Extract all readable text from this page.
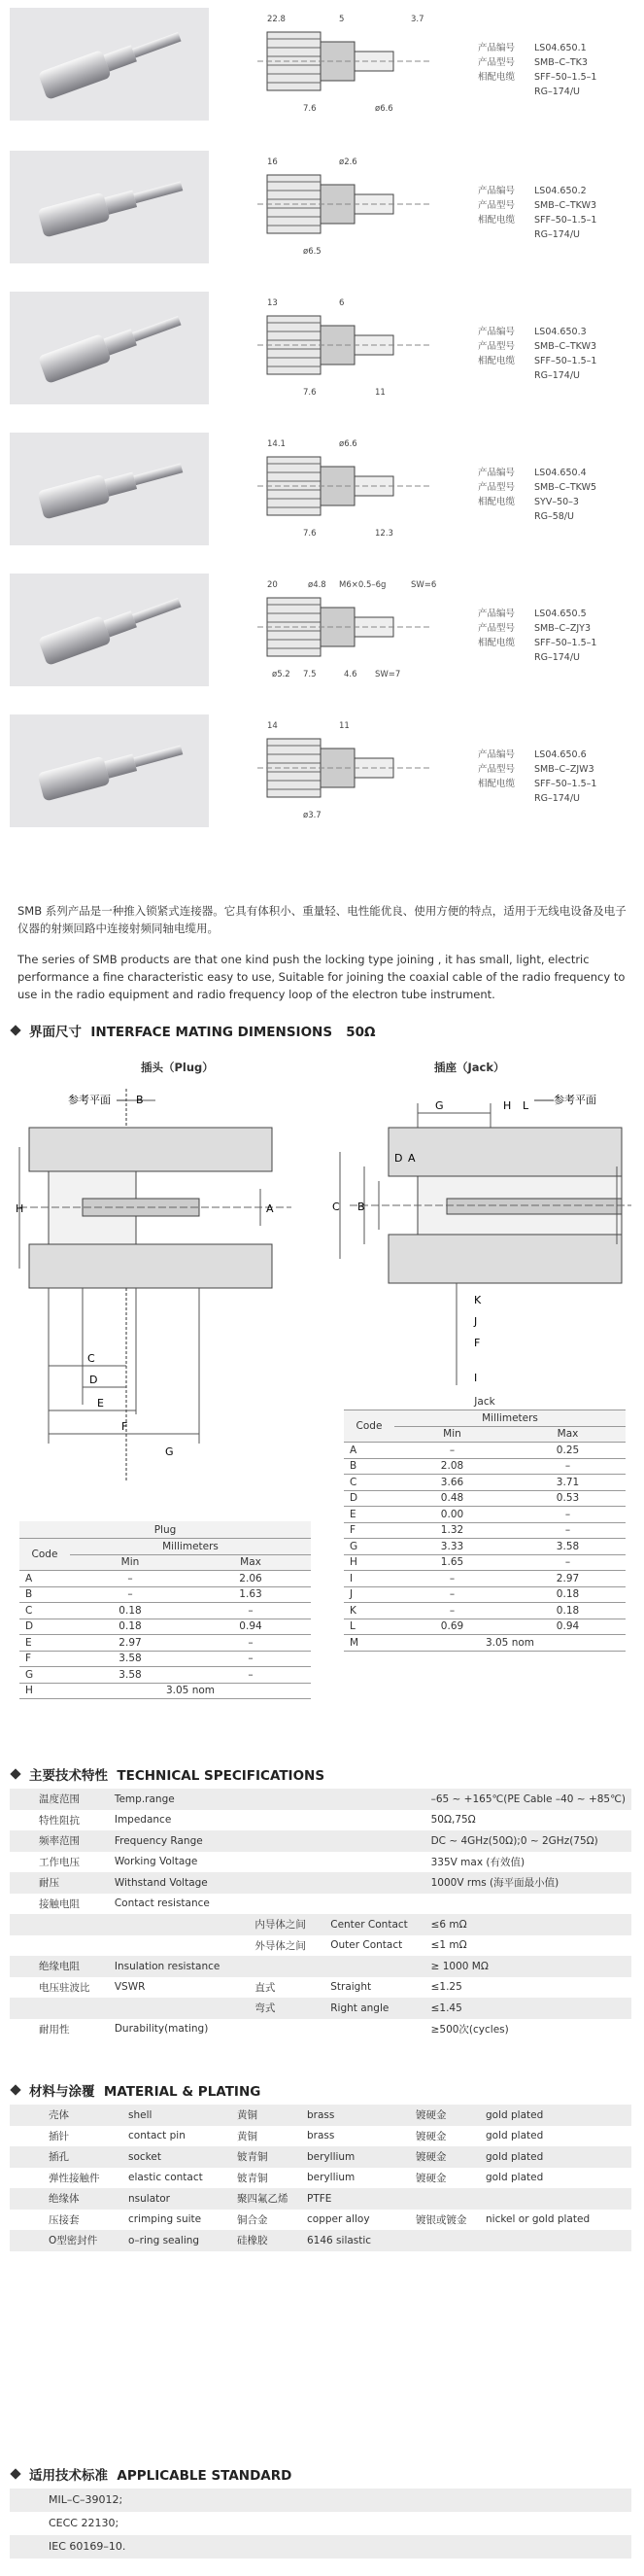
22.8
7.6
5
ø6.6
3.7
产品编号	LS04.650.1
产品型号	SMB–C–TK3
相配电缆	SFF–50–1.5–1
	RG–174/U
16
ø6.5
ø2.6
产品编号	LS04.650.2
产品型号	SMB–C–TKW3
相配电缆	SFF–50–1.5–1
	RG–174/U
13
7.6
6
11
产品编号	LS04.650.3
产品型号	SMB–C–TKW3
相配电缆	SFF–50–1.5–1
	RG–174/U
14.1
7.6
ø6.6
12.3
产品编号	LS04.650.4
产品型号	SMB–C–TKW5
相配电缆	SYV–50–3
	RG–58/U
20
7.5
M6×0.5–6g
SW=7
SW=6
ø5.2
ø4.8
4.6
产品编号	LS04.650.5
产品型号	SMB–C–ZJY3
相配电缆	SFF–50–1.5–1
	RG–174/U
14
ø3.7
11
产品编号	LS04.650.6
产品型号	SMB–C–ZJW3
相配电缆	SFF–50–1.5–1
	RG–174/U
SMB 系列产品是一种推入锁紧式连接器。它具有体积小、重量轻、电性能优良、使用方便的特点，适用于无线电设备及电子仪器的射频回路中连接射频同轴电缆用。
The series of SMB products are that one kind push the locking type joining , it has small, light, electric performance a fine characteristic easy to use, Suitable for joining the coaxial cable of the radio frequency to use in the radio equipment and radio frequency loop of the electron tube instrument.
界面尺寸 INTERFACE MATING DIMENSIONS 50Ω
插头（Plug）	插座（Jack）
参考平面
H
B
A
C
D
E
F
G
参考平面
G	H L
D A
B
C
K
J
F
I
Jack		
Code	Millimeters	
	Min	Max
A	–	0.25
B	2.08	–
C	3.66	3.71
D	0.48	0.53
E	0.00	–
F	1.32	–
G	3.33	3.58
H	1.65	–
I	–	2.97
J	–	0.18
K	–	0.18
L	0.69	0.94
M	3.05 nom	
Plug		
Code	Millimeters	
	Min	Max
A	–	2.06
B	–	1.63
C	0.18	–
D	0.18	0.94
E	2.97	–
F	3.58	–
G	3.58	–
H	3.05 nom	
主要技术特性 TECHNICAL SPECIFICATIONS
温度范围	Temp.range			–65 ~ +165℃(PE Cable –40 ~ +85℃)
特性阻抗	Impedance			50Ω,75Ω
频率范围	Frequency Range			DC ~ 4GHz(50Ω);0 ~ 2GHz(75Ω)
工作电压	Working Voltage			335V max (有效值)
耐压	Withstand Voltage			1000V rms (海平面最小值)
接触电阻	Contact resistance			
		内导体之间	Center Contact	≤6 mΩ
		外导体之间	Outer Contact	≤1 mΩ
绝缘电阻	Insulation resistance			≥ 1000 MΩ
电压驻波比	VSWR	直式	Straight	≤1.25
		弯式	Right angle	≤1.45
耐用性	Durability(mating)			≥500次(cycles)
材料与涂覆 MATERIAL & PLATING
壳体	shell	黄铜	brass	镀硬金	gold plated
插针	contact pin	黄铜	brass	镀硬金	gold plated
插孔	socket	铍青铜	beryllium	镀硬金	gold plated
弹性接触件	elastic contact	铍青铜	beryllium	镀硬金	gold plated
绝缘体	nsulator	聚四氟乙烯	PTFE		
压接套	crimping suite	铜合金	copper alloy	镀银或镀金	nickel or gold plated
O型密封件	o–ring sealing	硅橡胶	6146 silastic		
适用技术标准 APPLICABLE STANDARD
MIL–C–39012;
CECC 22130;
IEC 60169–10.
